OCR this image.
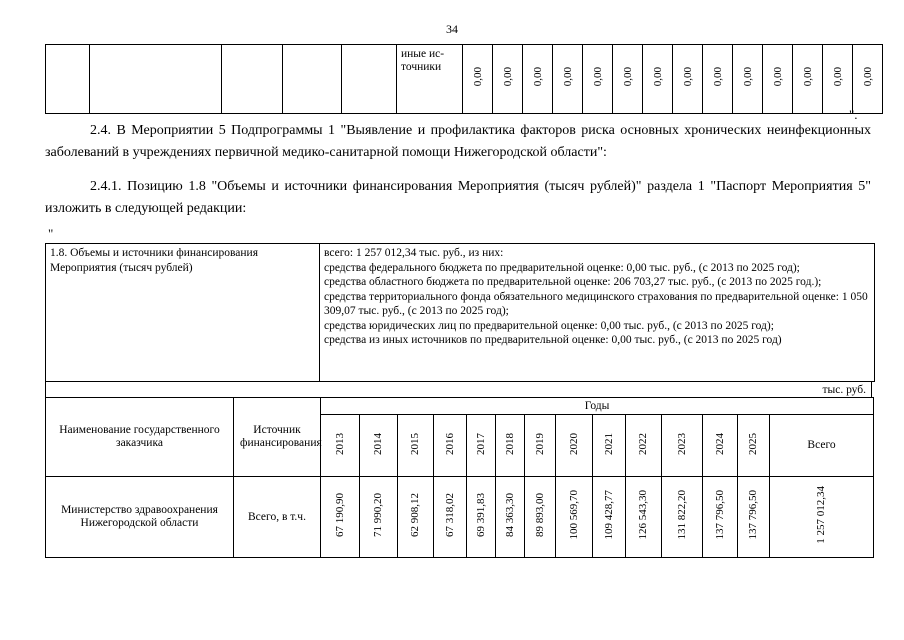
34
					иные ис-
точники	0,00	0,00	0,00	0,00	0,00	0,00	0,00	0,00	0,00	0,00	0,00	0,00	0,00	0,00
".
2.4. В Мероприятии 5 Подпрограммы 1 "Выявление и профилактика факторов риска основных хронических неинфекционных заболеваний в учреждениях первичной медико-санитарной помощи Нижегородской области":
2.4.1. Позицию 1.8 "Объемы и источники финансирования Мероприятия (тысяч рублей)" раздела 1 "Паспорт Мероприятия 5" изложить в следующей редакции:
"
1.8. Объемы и источники финансирования Мероприятия (тысяч рублей)	
всего: 1 257 012,34 тыс. руб., из них:
средства федерального бюджета по предварительной оценке: 0,00 тыс. руб., (с 2013 по 2025 год);
средства областного бюджета по предварительной оценке: 206 703,27 тыс. руб., (с 2013 по 2025 год.);
средства территориального фонда обязательного медицинского страхования по предварительной оценке: 1 050 309,07 тыс. руб., (с 2013 по 2025 год);
средства юридических лиц по предварительной оценке: 0,00 тыс. руб., (с 2013 по 2025 год);
средства из иных источников по предварительной оценке: 0,00 тыс. руб., (с 2013 по 2025 год)
тыс. руб.
Наименование государственного заказчика	Источник финансирования	Годы													
		2013	2014	2015	2016	2017	2018	2019	2020	2021	2022	2023	2024	2025	Всего
Министерство здравоохранения Нижегородской области	Всего, в т.ч.	67 190,90	71 990,20	62 908,12	67 318,02	69 391,83	84 363,30	89 893,00	100 569,70	109 428,77	126 543,30	131 822,20	137 796,50	137 796,50	1 257 012,34
